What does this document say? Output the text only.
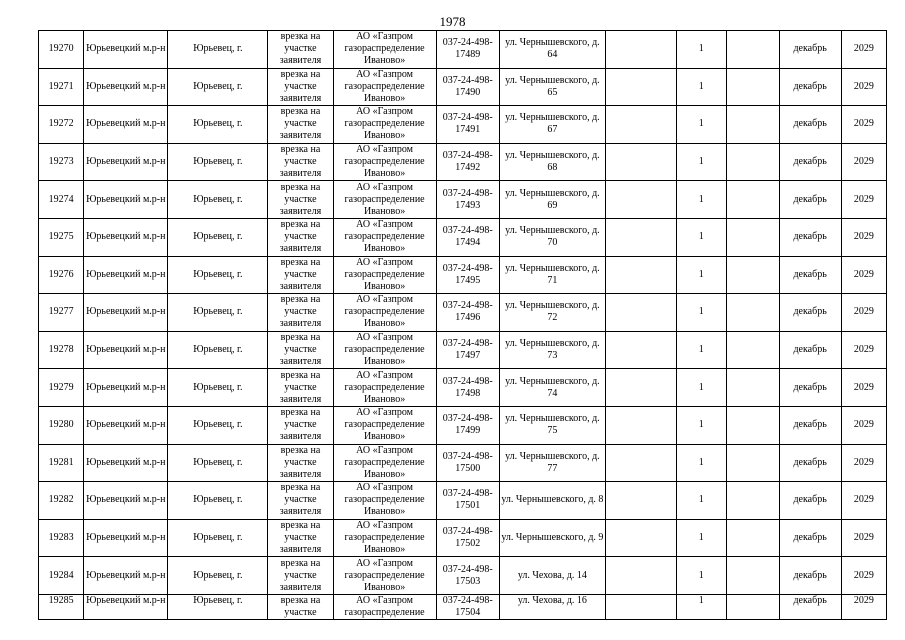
1978
19270	Юрьевецкий м.р-н	Юрьевец, г.	врезка на участке заявителя	АО «Газпром газораспределение Иваново»	037-24-498-17489	ул. Чернышевского, д. 64		1		декабрь	2029
19271	Юрьевецкий м.р-н	Юрьевец, г.	врезка на участке заявителя	АО «Газпром газораспределение Иваново»	037-24-498-17490	ул. Чернышевского, д. 65		1		декабрь	2029
19272	Юрьевецкий м.р-н	Юрьевец, г.	врезка на участке заявителя	АО «Газпром газораспределение Иваново»	037-24-498-17491	ул. Чернышевского, д. 67		1		декабрь	2029
19273	Юрьевецкий м.р-н	Юрьевец, г.	врезка на участке заявителя	АО «Газпром газораспределение Иваново»	037-24-498-17492	ул. Чернышевского, д. 68		1		декабрь	2029
19274	Юрьевецкий м.р-н	Юрьевец, г.	врезка на участке заявителя	АО «Газпром газораспределение Иваново»	037-24-498-17493	ул. Чернышевского, д. 69		1		декабрь	2029
19275	Юрьевецкий м.р-н	Юрьевец, г.	врезка на участке заявителя	АО «Газпром газораспределение Иваново»	037-24-498-17494	ул. Чернышевского, д. 70		1		декабрь	2029
19276	Юрьевецкий м.р-н	Юрьевец, г.	врезка на участке заявителя	АО «Газпром газораспределение Иваново»	037-24-498-17495	ул. Чернышевского, д. 71		1		декабрь	2029
19277	Юрьевецкий м.р-н	Юрьевец, г.	врезка на участке заявителя	АО «Газпром газораспределение Иваново»	037-24-498-17496	ул. Чернышевского, д. 72		1		декабрь	2029
19278	Юрьевецкий м.р-н	Юрьевец, г.	врезка на участке заявителя	АО «Газпром газораспределение Иваново»	037-24-498-17497	ул. Чернышевского, д. 73		1		декабрь	2029
19279	Юрьевецкий м.р-н	Юрьевец, г.	врезка на участке заявителя	АО «Газпром газораспределение Иваново»	037-24-498-17498	ул. Чернышевского, д. 74		1		декабрь	2029
19280	Юрьевецкий м.р-н	Юрьевец, г.	врезка на участке заявителя	АО «Газпром газораспределение Иваново»	037-24-498-17499	ул. Чернышевского, д. 75		1		декабрь	2029
19281	Юрьевецкий м.р-н	Юрьевец, г.	врезка на участке заявителя	АО «Газпром газораспределение Иваново»	037-24-498-17500	ул. Чернышевского, д. 77		1		декабрь	2029
19282	Юрьевецкий м.р-н	Юрьевец, г.	врезка на участке заявителя	АО «Газпром газораспределение Иваново»	037-24-498-17501	ул. Чернышевского, д. 8		1		декабрь	2029
19283	Юрьевецкий м.р-н	Юрьевец, г.	врезка на участке заявителя	АО «Газпром газораспределение Иваново»	037-24-498-17502	ул. Чернышевского, д. 9		1		декабрь	2029
19284	Юрьевецкий м.р-н	Юрьевец, г.	врезка на участке заявителя	АО «Газпром газораспределение Иваново»	037-24-498-17503	ул. Чехова, д. 14		1		декабрь	2029
19285	Юрьевецкий м.р-н	Юрьевец, г.	врезка на участке	АО «Газпром газораспределение	037-24-498-17504	ул. Чехова, д. 16		1		декабрь	2029
